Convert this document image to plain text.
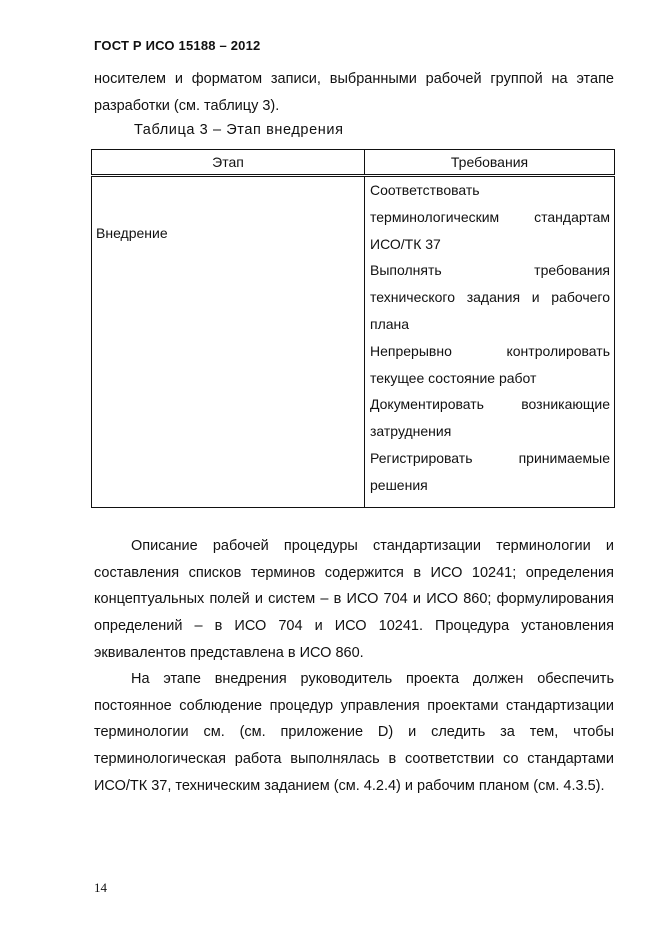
ГОСТ Р ИСО 15188 – 2012

носителем и форматом записи, выбранными рабочей группой на этапе разработки (см. таблицу 3).

Таблица 3 – Этап внедрения
Этап	Требования
Внедрение	Соответствовать терминологическим стандартам ИСО/ТК 37
Выполнять требования технического задания и рабочего плана
Непрерывно контролировать текущее состояние работ
Документировать возникающие затруднения
Регистрировать принимаемые решения

Описание рабочей процедуры стандартизации терминологии и составления списков терминов содержится в ИСО 10241; определения концептуальных полей и систем – в ИСО 704 и ИСО 860; формулирования определений – в ИСО 704 и ИСО 10241. Процедура установления эквивалентов представлена в ИСО 860.

На этапе внедрения руководитель проекта должен обеспечить постоянное соблюдение процедур управления проектами стандартизации терминологии см. (см. приложение D) и следить за тем, чтобы терминологическая работа выполнялась в соответствии со стандартами ИСО/ТК 37, техническим заданием (см. 4.2.4) и рабочим планом (см. 4.3.5).

14
